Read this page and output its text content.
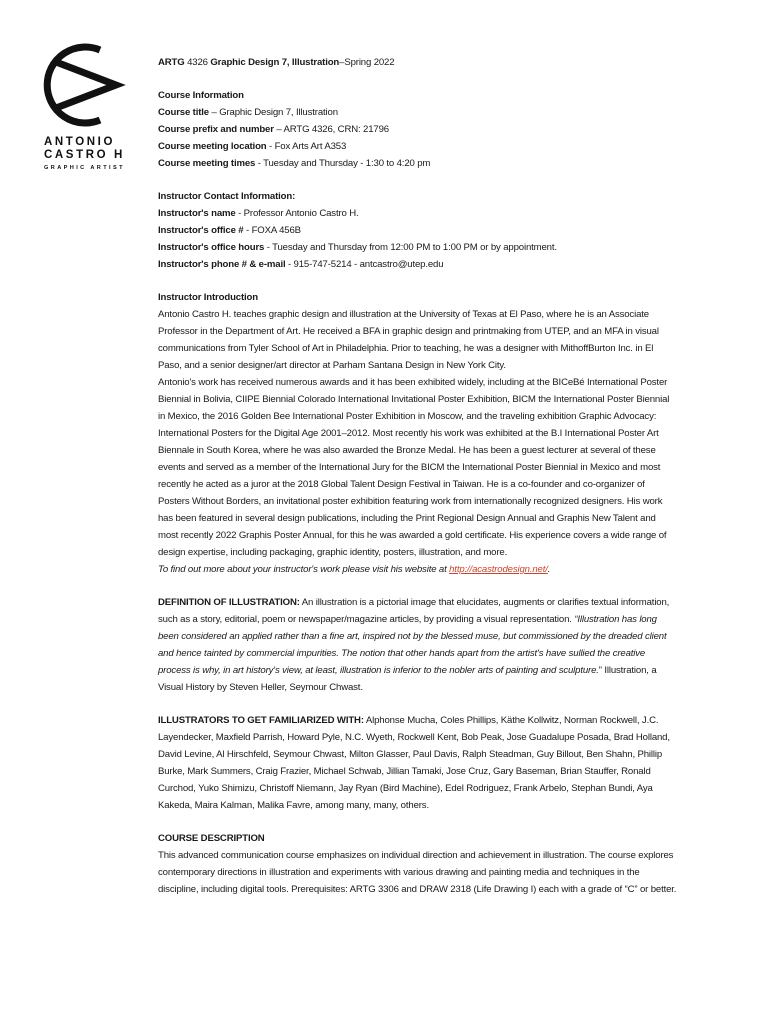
ANTONIO
CASTRO H
GRAPHIC ARTIST

ARTG 4326 Graphic Design 7, Illustration–Spring 2022

Course Information

Course title – Graphic Design 7, Illustration

Course prefix and number – ARTG 4326, CRN: 21796

Course meeting location - Fox Arts Art A353

Course meeting times - Tuesday and Thursday - 1:30 to 4:20 pm

Instructor Contact Information:

Instructor's name - Professor Antonio Castro H.

Instructor's office # - FOXA 456B

Instructor's office hours - Tuesday and Thursday from 12:00 PM to 1:00 PM or by appointment.

Instructor's phone # & e-mail - 915-747-5214 - antcastro@utep.edu

Instructor Introduction

Antonio Castro H. teaches graphic design and illustration at the University of Texas at El Paso, where he is an Associate Professor in the Department of Art. He received a BFA in graphic design and printmaking from UTEP, and an MFA in visual communications from Tyler School of Art in Philadelphia. Prior to teaching, he was a designer with MithoffBurton Inc. in El Paso, and a senior designer/art director at Parham Santana Design in New York City.

Antonio's work has received numerous awards and it has been exhibited widely, including at the BICeBé International Poster Biennial in Bolivia, CIIPE Biennial Colorado International Invitational Poster Exhibition, BICM the International Poster Biennial in Mexico, the 2016 Golden Bee International Poster Exhibition in Moscow, and the traveling exhibition Graphic Advocacy: International Posters for the Digital Age 2001–2012. Most recently his work was exhibited at the B.I International Poster Art Biennale in South Korea, where he was also awarded the Bronze Medal. He has been a guest lecturer at several of these events and served as a member of the International Jury for the BICM the International Poster Biennial in Mexico and most recently he acted as a juror at the 2018 Global Talent Design Festival in Taiwan. He is a co-founder and co-organizer of Posters Without Borders, an invitational poster exhibition featuring work from internationally recognized designers. His work has been featured in several design publications, including the Print Regional Design Annual and Graphis New Talent and most recently 2022 Graphis Poster Annual, for this he was awarded a gold certificate. His experience covers a wide range of design expertise, including packaging, graphic identity, posters, illustration, and more.

To find out more about your instructor's work please visit his website at http://acastrodesign.net/.

DEFINITION OF ILLUSTRATION: An illustration is a pictorial image that elucidates, augments or clarifies textual information, such as a story, editorial, poem or newspaper/magazine articles, by providing a visual representation. “Illustration has long been considered an applied rather than a fine art, inspired not by the blessed muse, but commissioned by the dreaded client and hence tainted by commercial impurities. The notion that other hands apart from the artist's have sullied the creative process is why, in art history's view, at least, illustration is inferior to the nobler arts of painting and sculpture.” Illustration, a Visual History by Steven Heller, Seymour Chwast.

ILLUSTRATORS TO GET FAMILIARIZED WITH: Alphonse Mucha, Coles Phillips, Käthe Kollwitz, Norman Rockwell, J.C. Layendecker, Maxfield Parrish, Howard Pyle, N.C. Wyeth, Rockwell Kent, Bob Peak, Jose Guadalupe Posada, Brad Holland, David Levine, Al Hirschfeld, Seymour Chwast, Milton Glasser, Paul Davis, Ralph Steadman, Guy Billout, Ben Shahn, Phillip Burke, Mark Summers, Craig Frazier, Michael Schwab, Jillian Tamaki, Jose Cruz, Gary Baseman, Brian Stauffer, Ronald Curchod, Yuko Shimizu, Christoff Niemann, Jay Ryan (Bird Machine), Edel Rodriguez, Frank Arbelo, Stephan Bundi, Aya Kakeda, Maira Kalman, Malika Favre, among many, many, others.

COURSE DESCRIPTION

This advanced communication course emphasizes on individual direction and achievement in illustration. The course explores contemporary directions in illustration and experiments with various drawing and painting media and techniques in the discipline, including digital tools. Prerequisites: ARTG 3306 and DRAW 2318 (Life Drawing I) each with a grade of “C” or better.
